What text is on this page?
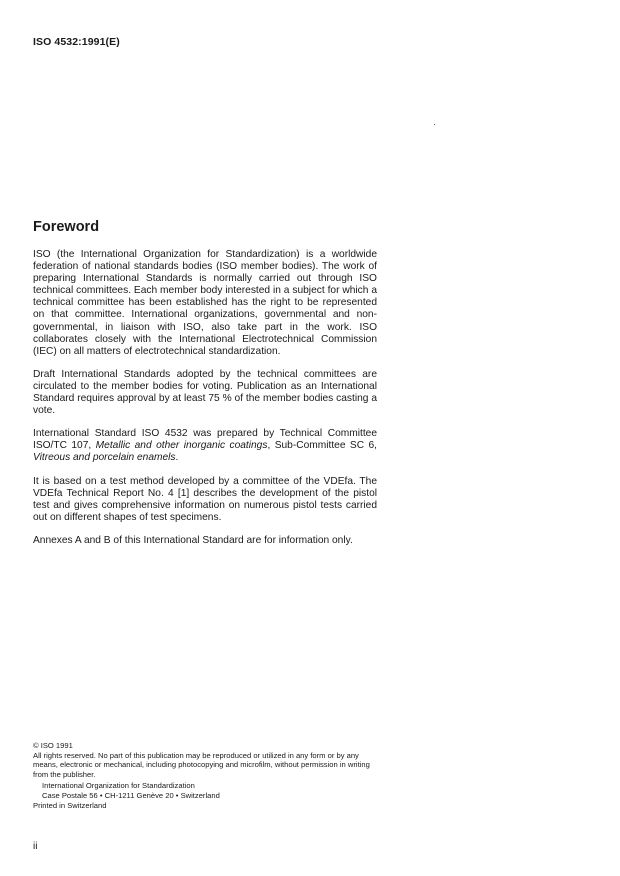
ISO 4532:1991(E)
Foreword

ISO (the International Organization for Standardization) is a worldwide federation of national standards bodies (ISO member bodies). The work of preparing International Standards is normally carried out through ISO technical committees. Each member body interested in a subject for which a technical committee has been established has the right to be represented on that committee. International organizations, governmental and non-governmental, in liaison with ISO, also take part in the work. ISO collaborates closely with the International Electrotechnical Commission (IEC) on all matters of electrotechnical standardization.

Draft International Standards adopted by the technical committees are circulated to the member bodies for voting. Publication as an International Standard requires approval by at least 75 % of the member bodies casting a vote.

International Standard ISO 4532 was prepared by Technical Committee ISO/TC 107, Metallic and other inorganic coatings, Sub-Committee SC 6, Vitreous and porcelain enamels.

It is based on a test method developed by a committee of the VDEfa. The VDEfa Technical Report No. 4 [1] describes the development of the pistol test and gives comprehensive information on numerous pistol tests carried out on different shapes of test specimens.

Annexes A and B of this International Standard are for information only.

© ISO 1991

All rights reserved. No part of this publication may be reproduced or utilized in any form or by any means, electronic or mechanical, including photocopying and microfilm, without permission in writing from the publisher.

International Organization for Standardization

Case Postale 56 • CH-1211 Genève 20 • Switzerland

Printed in Switzerland

ii
